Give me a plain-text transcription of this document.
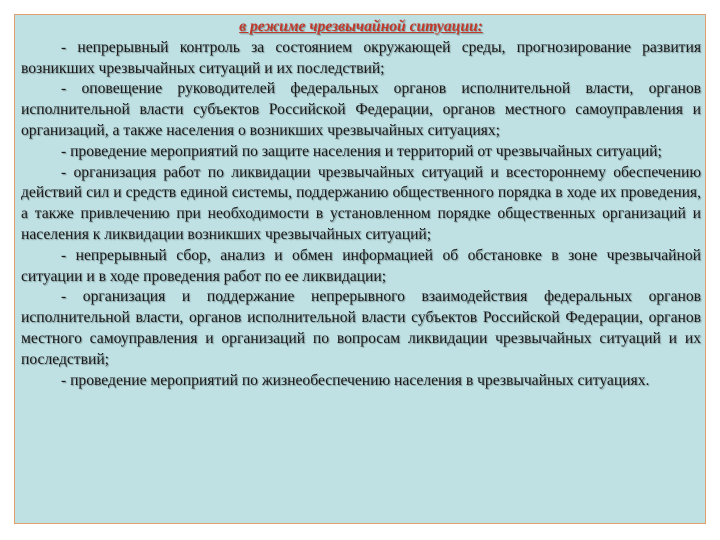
в режиме чрезвычайной ситуации:

- непрерывный контроль за состоянием окружающей среды, прогнозирование развития возникших чрезвычайных ситуаций и их последствий;

- оповещение руководителей федеральных органов исполнительной власти, органов исполнительной власти субъектов Российской Федерации, органов местного самоуправления и организаций, а также населения о возникших чрезвычайных ситуациях;

- проведение мероприятий по защите населения и территорий от чрезвычайных ситуаций;

- организация работ по ликвидации чрезвычайных ситуаций и всестороннему обеспечению действий сил и средств единой системы, поддержанию общественного порядка в ходе их проведения, а также привлечению при необходимости в установленном порядке общественных организаций и населения к ликвидации возникших чрезвычайных ситуаций;

- непрерывный сбор, анализ и обмен информацией об обстановке в зоне чрезвычайной ситуации и в ходе проведения работ по ее ликвидации;

- организация и поддержание непрерывного взаимодействия федеральных органов исполнительной власти, органов исполнительной власти субъектов Российской Федерации, органов местного самоуправления и организаций по вопросам ликвидации чрезвычайных ситуаций и их последствий;

- проведение мероприятий по жизнеобеспечению населения в чрезвычайных ситуациях.
